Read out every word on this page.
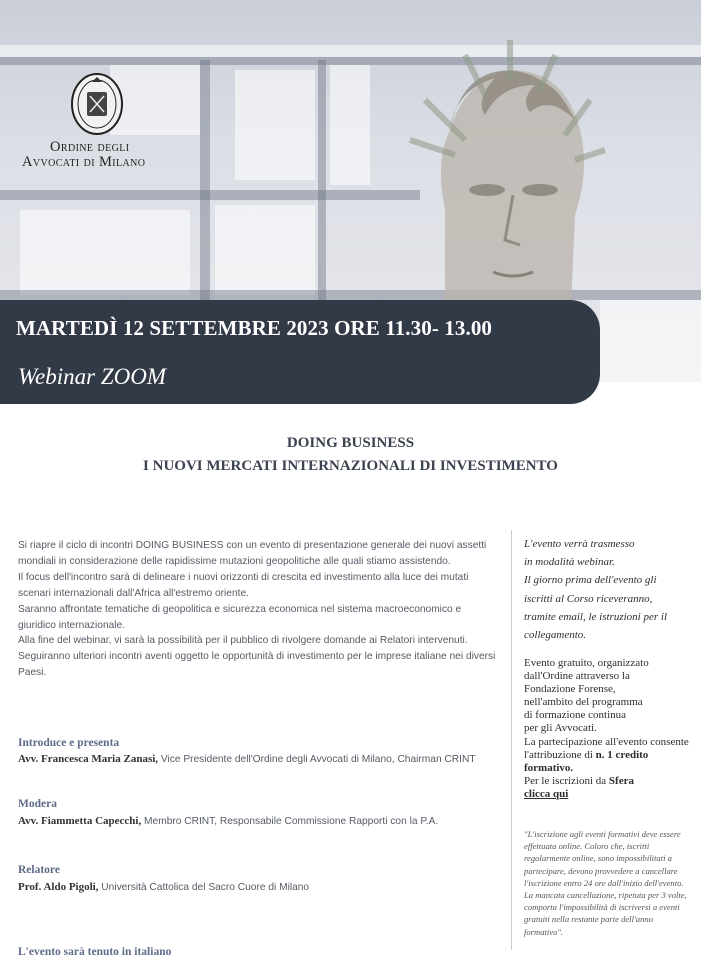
Ordine degli
Avvocati di Milano
MARTEDÌ 12 SETTEMBRE 2023 ORE 11.30- 13.00
Webinar ZOOM
DOING BUSINESS
I NUOVI MERCATI INTERNAZIONALI DI INVESTIMENTO

Si riapre il ciclo di incontri DOING BUSINESS con un evento di presentazione generale dei nuovi assetti mondiali in considerazione delle rapidissime mutazioni geopolitiche alle quali stiamo assistendo.

Il focus dell'incontro sarà di delineare i nuovi orizzonti di crescita ed investimento alla luce dei mutati scenari internazionali dall'Africa all'estremo oriente.

Saranno affrontate tematiche di geopolitica e sicurezza economica nel sistema macroeconomico e giuridico internazionale.

Alla fine del webinar, vi sarà la possibilità per il pubblico di rivolgere domande ai Relatori intervenuti.

Seguiranno ulteriori incontri aventi oggetto le opportunità di investimento per le imprese italiane nei diversi Paesi.

Introduce e presenta
Avv. Francesca Maria Zanasi, Vice Presidente dell'Ordine degli Avvocati di Milano, Chairman CRINT
Modera
Avv. Fiammetta Capecchi, Membro CRINT, Responsabile Commissione Rapporti con la P.A.
Relatore
Prof. Aldo Pigoli, Università Cattolica del Sacro Cuore di Milano
L'evento sarà tenuto in italiano
L'evento verrà trasmesso
in modalità webinar.
Il giorno prima dell'evento gli
iscritti al Corso riceveranno,
tramite email, le istruzioni per il
collegamento.
Evento gratuito, organizzato
dall'Ordine attraverso la
Fondazione Forense,
nell'ambito del programma
di formazione continua
per gli Avvocati.
La partecipazione all'evento consente l'attribuzione di n. 1 credito formativo.
Per le iscrizioni da Sfera
clicca qui
"L'iscrizione agli eventi formativi deve essere effettuata online. Coloro che, iscritti regolarmente online, sono impossibilitati a partecipare, devono provvedere a cancellare l'iscrizione entro 24 ore dall'inizio dell'evento. La mancata cancellazione, ripetuta per 3 volte, comporta l'impossibilità di iscriversi a eventi gratuiti nella restante parte dell'anno formativo".
